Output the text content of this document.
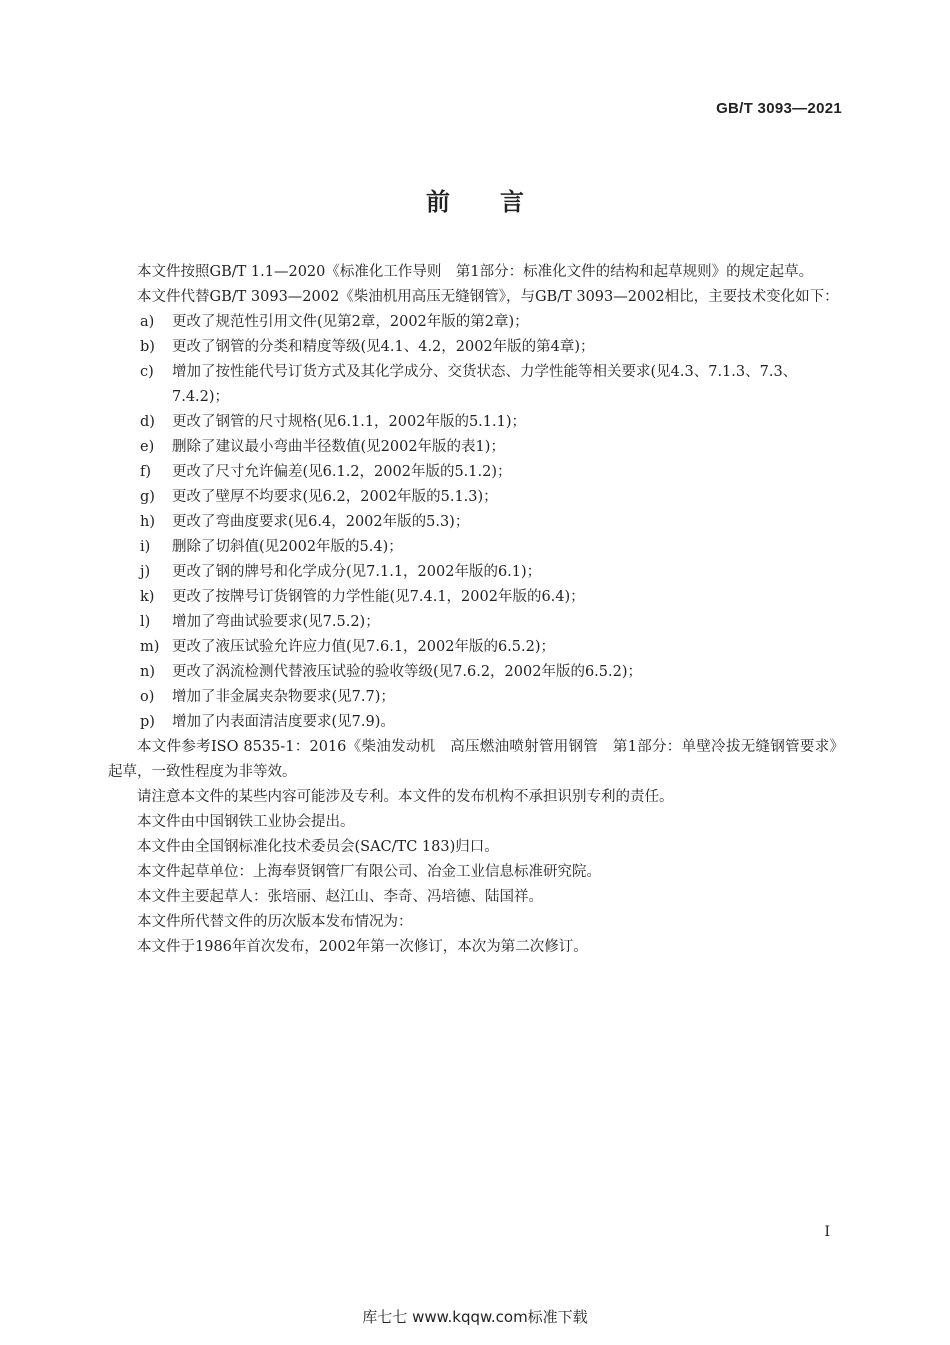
GB/T 3093—2021
前 言

本文件按照GB/T 1.1—2020《标准化工作导则　第1部分：标准化文件的结构和起草规则》的规定起草。

本文件代替GB/T 3093—2002《柴油机用高压无缝钢管》，与GB/T 3093—2002相比，主要技术变化如下：

a)	更改了规范性引用文件(见第2章，2002年版的第2章)；
b)	更改了钢管的分类和精度等级(见4.1、4.2，2002年版的第4章)；
c)	增加了按性能代号订货方式及其化学成分、交货状态、力学性能等相关要求(见4.3、7.1.3、7.3、7.4.2)；
d)	更改了钢管的尺寸规格(见6.1.1，2002年版的5.1.1)；
e)	删除了建议最小弯曲半径数值(见2002年版的表1)；
f)	更改了尺寸允许偏差(见6.1.2，2002年版的5.1.2)；
g)	更改了壁厚不均要求(见6.2，2002年版的5.1.3)；
h)	更改了弯曲度要求(见6.4，2002年版的5.3)；
i)	删除了切斜值(见2002年版的5.4)；
j)	更改了钢的牌号和化学成分(见7.1.1，2002年版的6.1)；
k)	更改了按牌号订货钢管的力学性能(见7.4.1，2002年版的6.4)；
l)	增加了弯曲试验要求(见7.5.2)；
m) 更改了液压试验允许应力值(见7.6.1，2002年版的6.5.2)；
n)	更改了涡流检测代替液压试验的验收等级(见7.6.2，2002年版的6.5.2)；
o)	增加了非金属夹杂物要求(见7.7)；
p)	增加了内表面清洁度要求(见7.9)。

本文件参考ISO 8535-1：2016《柴油发动机　高压燃油喷射管用钢管　第1部分：单壁冷拔无缝钢管要求》起草，一致性程度为非等效。

请注意本文件的某些内容可能涉及专利。本文件的发布机构不承担识别专利的责任。

本文件由中国钢铁工业协会提出。

本文件由全国钢标准化技术委员会(SAC/TC 183)归口。

本文件起草单位：上海奉贤钢管厂有限公司、冶金工业信息标准研究院。

本文件主要起草人：张培丽、赵江山、李奇、冯培德、陆国祥。

本文件所代替文件的历次版本发布情况为：

本文件于1986年首次发布，2002年第一次修订，本次为第二次修订。

I
库七七 www.kqqw.com标准下载
